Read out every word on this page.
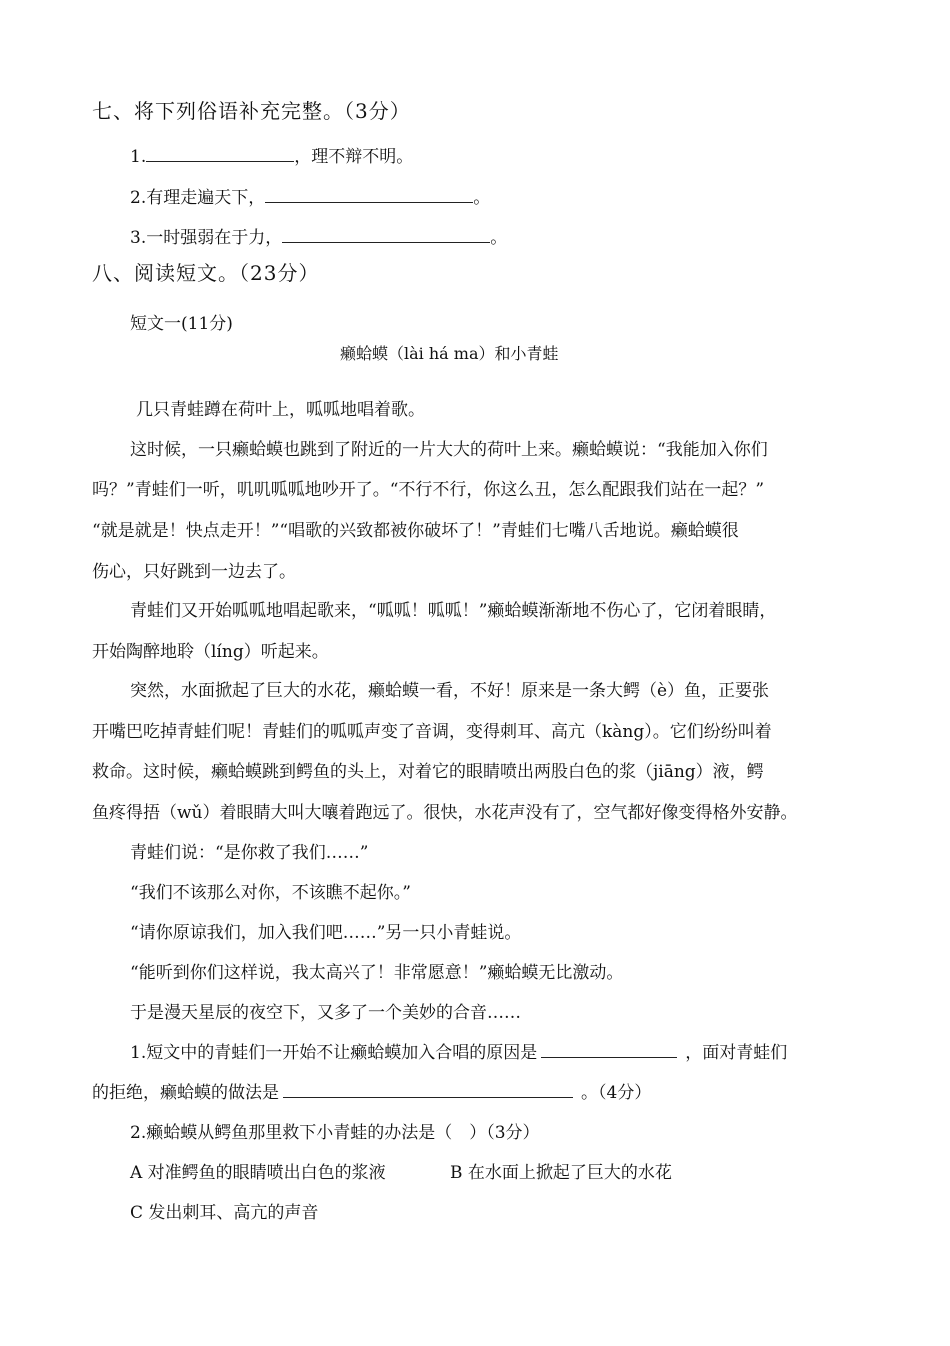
七、将下列俗语补充完整。（3分）
1.	，理不辩不明。
2.有理走遍天下，	。
3.一时强弱在于力，	。
八、阅读短文。（23分）
短文一(11分)
癞蛤蟆（lài há ma）和小青蛙
几只青蛙蹲在荷叶上，呱呱地唱着歌。
这时候，一只癞蛤蟆也跳到了附近的一片大大的荷叶上来。癞蛤蟆说：“我能加入你们
吗？”青蛙们一听，叽叽呱呱地吵开了。“不行不行，你这么丑，怎么配跟我们站在一起？”
“就是就是！快点走开！”“唱歌的兴致都被你破坏了！”青蛙们七嘴八舌地说。癞蛤蟆很
伤心，只好跳到一边去了。
青蛙们又开始呱呱地唱起歌来，“呱呱！呱呱！”癞蛤蟆渐渐地不伤心了，它闭着眼睛，
开始陶醉地聆（líng）听起来。
突然，水面掀起了巨大的水花，癞蛤蟆一看，不好！原来是一条大鳄（è）鱼，正要张
开嘴巴吃掉青蛙们呢！青蛙们的呱呱声变了音调，变得刺耳、高亢（kàng）。它们纷纷叫着
救命。这时候，癞蛤蟆跳到鳄鱼的头上，对着它的眼睛喷出两股白色的浆（jiāng）液，鳄
鱼疼得捂（wǔ）着眼睛大叫大嚷着跑远了。很快，水花声没有了，空气都好像变得格外安静。
青蛙们说：“是你救了我们……”
“我们不该那么对你，不该瞧不起你。”
“请你原谅我们，加入我们吧……”另一只小青蛙说。
“能听到你们这样说，我太高兴了！非常愿意！”癞蛤蟆无比激动。
于是漫天星辰的夜空下，又多了一个美妙的合音……
1.短文中的青蛙们一开始不让癞蛤蟆加入合唱的原因是	，面对青蛙们
的拒绝，癞蛤蟆的做法是	。（4分）
2.癞蛤蟆从鳄鱼那里救下小青蛙的办法是（　）（3分）
A 对准鳄鱼的眼睛喷出白色的浆液	B 在水面上掀起了巨大的水花
C 发出刺耳、高亢的声音
